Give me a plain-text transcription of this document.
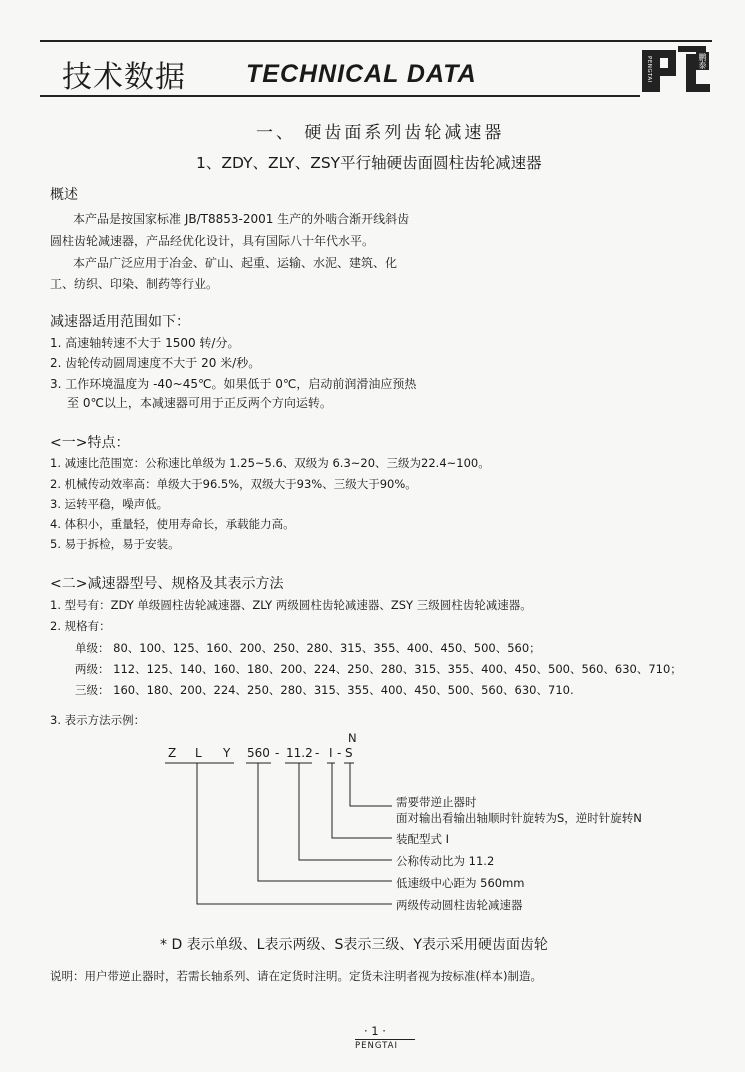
技术数据 TECHNICAL DATA	鹏泰
PENGTAI
一、 硬齿面系列齿轮减速器
1、ZDY、ZLY、ZSY平行轴硬齿面圆柱齿轮减速器
概述
本产品是按国家标准 JB/T8853-2001 生产的外啮合渐开线斜齿
圆柱齿轮减速器，产品经优化设计，具有国际八十年代水平。
本产品广泛应用于冶金、矿山、起重、运输、水泥、建筑、化
工、纺织、印染、制药等行业。
减速器适用范围如下：
1. 高速轴转速不大于 1500 转/分。
2. 齿轮传动圆周速度不大于 20 米/秒。
3. 工作环境温度为 -40~45℃。如果低于 0℃，启动前润滑油应预热
至 0℃以上，本减速器可用于正反两个方向运转。
<一>特点：
1. 减速比范围宽：公称速比单级为 1.25~5.6、双级为 6.3~20、三级为22.4~100。
2. 机械传动效率高：单级大于96.5%，双级大于93%、三级大于90%。
3. 运转平稳，噪声低。
4. 体积小，重量轻，使用寿命长，承载能力高。
5. 易于拆检，易于安装。
<二>减速器型号、规格及其表示方法
1. 型号有：ZDY 单级圆柱齿轮减速器、ZLY 两级圆柱齿轮减速器、ZSY 三级圆柱齿轮减速器。
2. 规格有：
单级： 80、100、125、160、200、250、280、315、355、400、450、500、560；
两级： 112、125、140、160、180、200、224、250、280、315、355、400、450、500、560、630、710；
三级： 160、180、200、224、250、280、315、355、400、450、500、560、630、710.
3. 表示方法示例：
Z L Y 560 - 11.2 - I - S
N
需要带逆止器时
面对输出看输出轴顺时针旋转为S，逆时针旋转N
装配型式 I
公称传动比为 11.2
低速级中心距为 560mm
两级传动圆柱齿轮减速器
* D 表示单级、L表示两级、S表示三级、Y表示采用硬齿面齿轮
说明：用户带逆止器时，若需长轴系列、请在定货时注明。定货未注明者视为按标准(样本)制造。
· 1 ·
PENGTAI
